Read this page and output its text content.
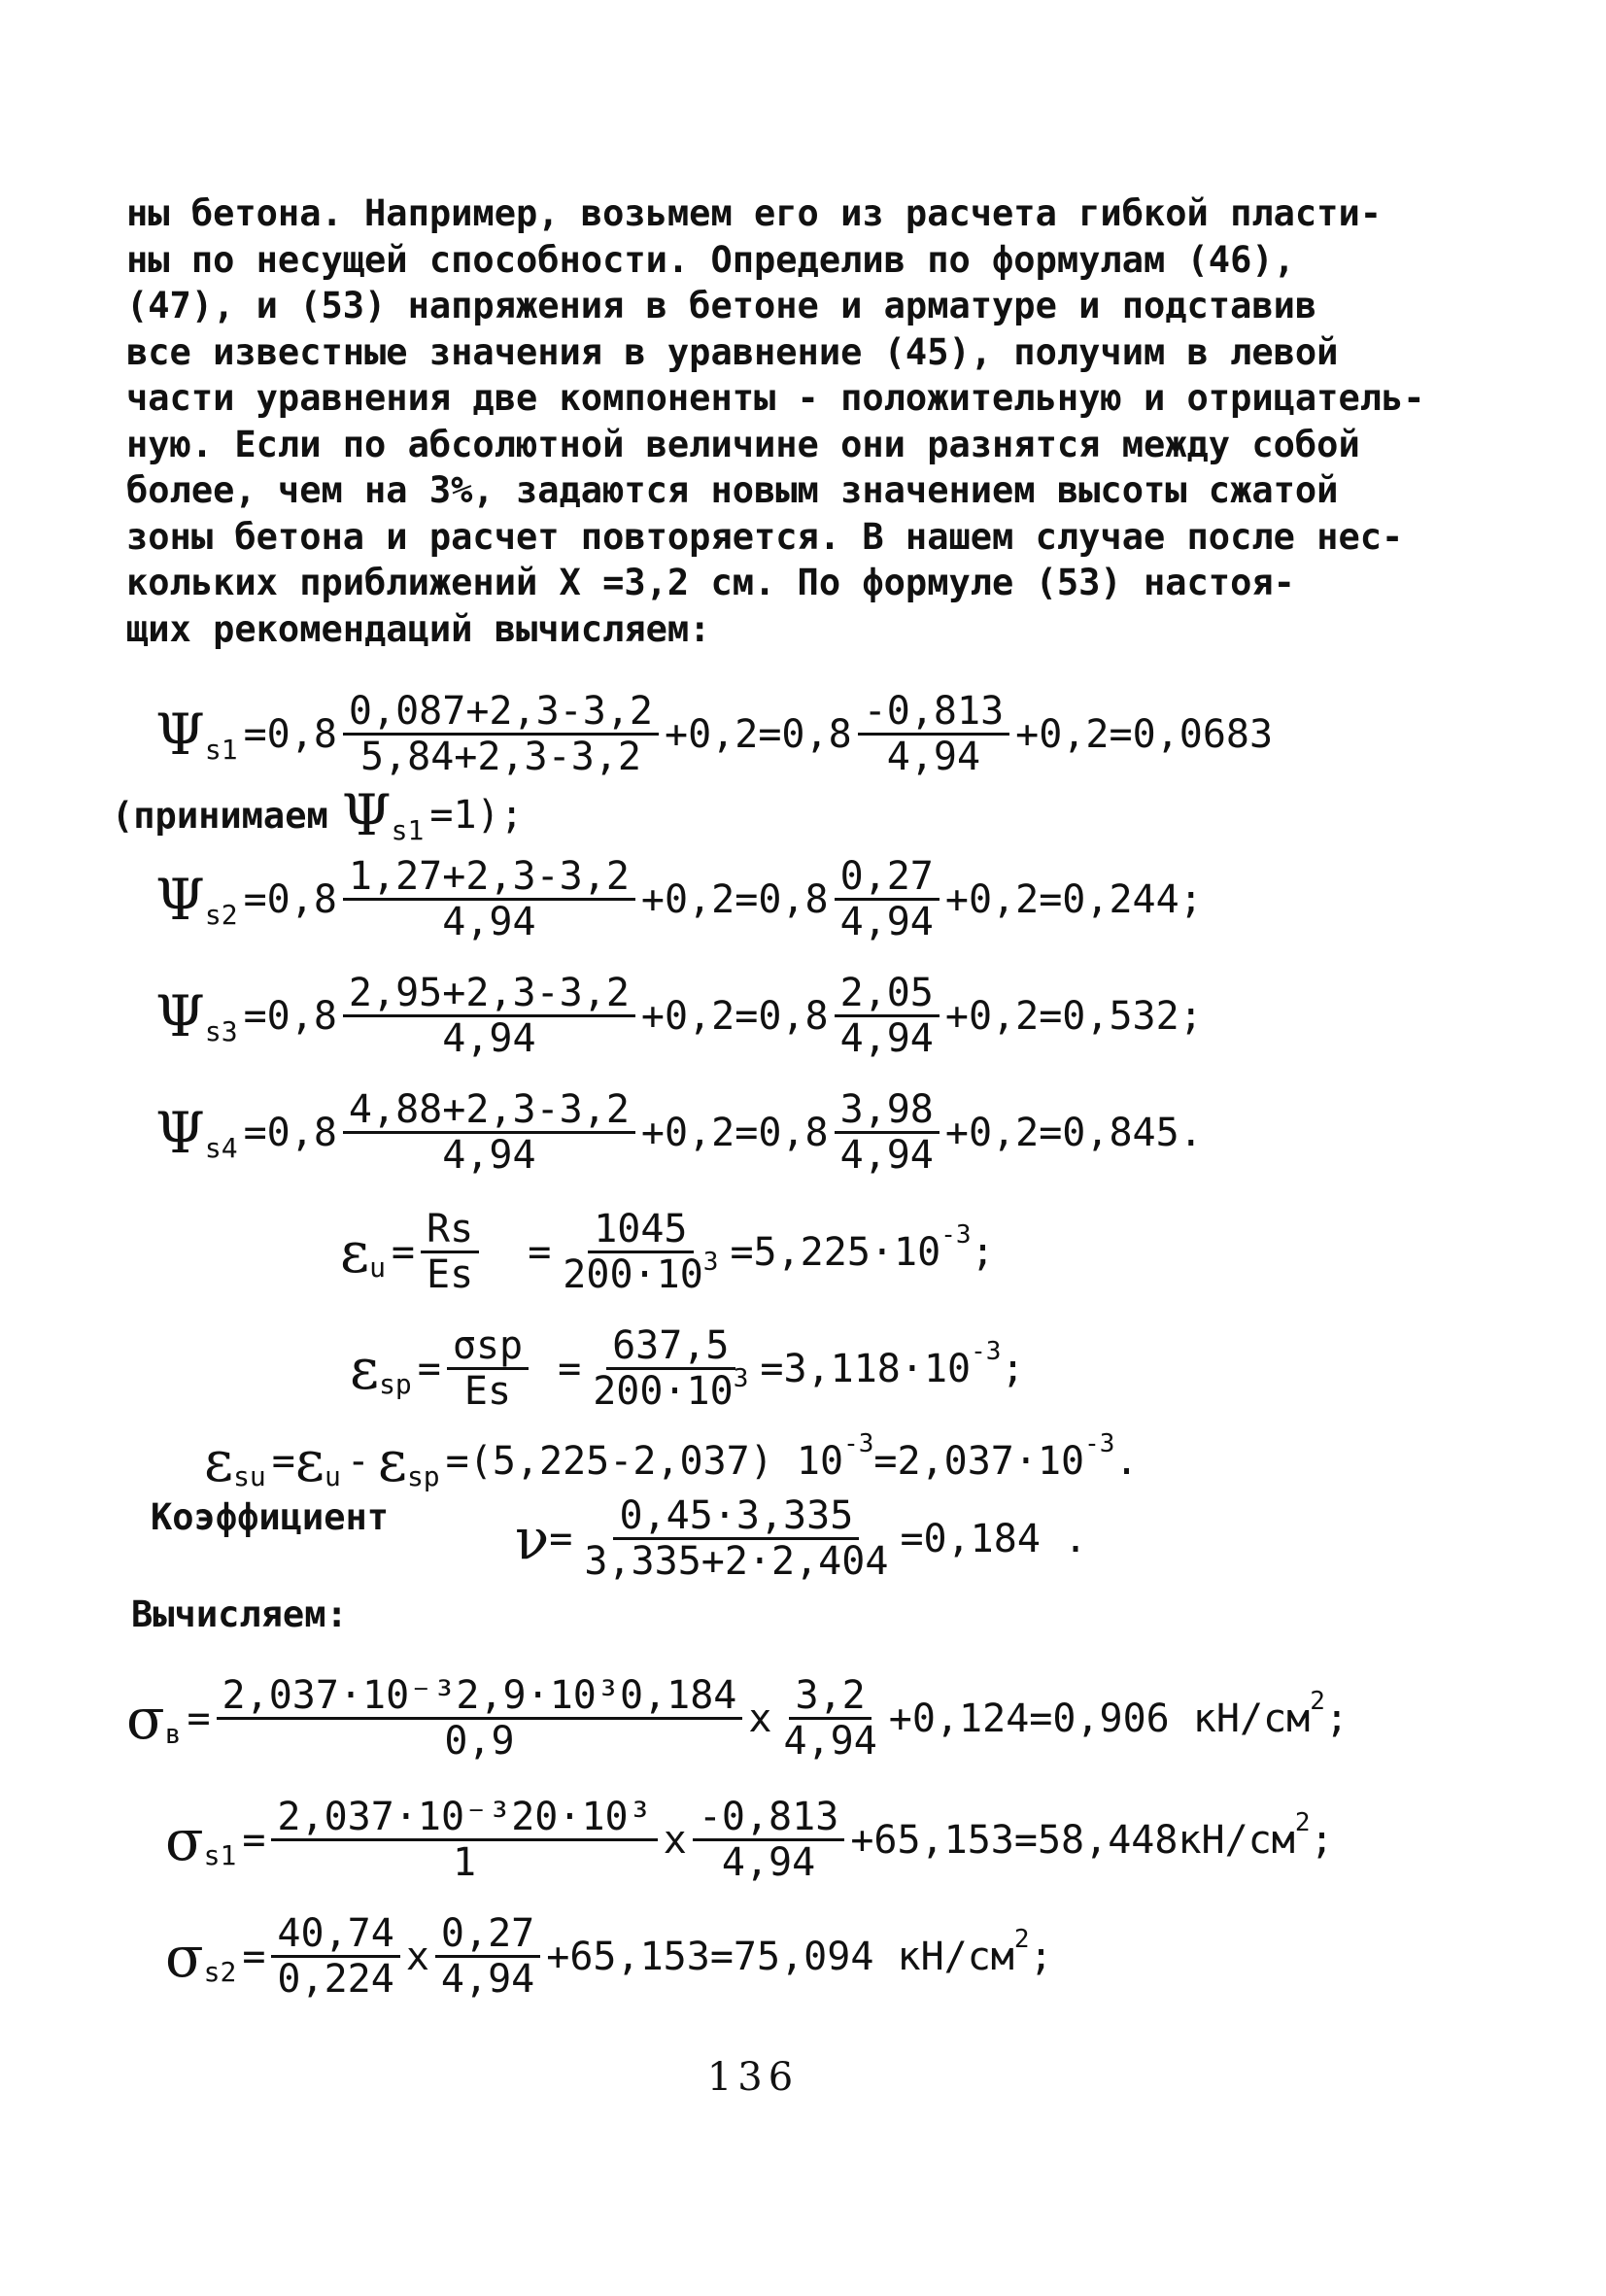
ны бетона. Например, возьмем его из расчета гибкой пласти-
ны по несущей способности. Определив по формулам (46),
(47), и (53) напряжения в бетоне и арматуре и подставив
все известные значения в уравнение (45), получим в левой
части уравнения две компоненты - положительную и отрицатель-
ную. Если по абсолютной величине они разнятся между собой
более, чем на 3%, задаются новым значением высоты сжатой
зоны бетона и расчет повторяется. В нашем случае после нес-
кольких приближений X =3,2 см. По формуле (53) настоя-
щих рекомендаций вычисляем:
Ψ $s1 =0,8 \frac{0,087+2,3-3,2}{5,84+2,3-3,2} +0,2=0,8 \frac{-0,813}{4,94} +0,2=0,0683$
(принимаем Ψ s1 =1);
Ψ $s2 =0,8 \frac{1,27+2,3-3,2}{4,94} +0,2=0,8 \frac{0,27}{4,94} +0,2=0,244$;
Ψ $s3 =0,8 \frac{2,95+2,3-3,2}{4,94} +0,2=0,8 \frac{2,05}{4,94} +0,2=0,532$;
Ψ $s4 =0,8 \frac{4,88+2,3-3,2}{4,94} +0,2=0,8 \frac{3,98}{4,94} +0,2=0,845$.
ε $u = \frac{Rs}{Es} = \frac{1045}{200\cdot 10^3} =5,225\cdot 10$ -3 ;
ε sp = $\frac{\text{σsp}}{Es} = \frac{637,5}{200\cdot 10^3} =3,118\cdot 10$ -3 ;
ε su = ε u - ε sp =(5,225-2,037) 10 -3 =2,037·10 -3 .
Коэффициент $\nu = \frac{0,45\cdot 3,335}{3,335+2\cdot 2,404} =0,184$ .
Вычисляем:
σ $в = \frac{\text{2,037·10⁻³2,9·10³0,184}}{0,9}$ x $\frac{3,2}{4,94} +0,124=0,906$ кН/см 2 ;
σ $s1 = \frac{\text{2,037·10⁻³20·10³}}{1}$ x $\frac{-0,813}{4,94} +65,153=58,448кН/см$ 2 ;
σ $s2 = \frac{40,74}{0,224}$ x $\frac{0,27}{4,94} +65,153=75,094$ кН/см 2 ;
136
